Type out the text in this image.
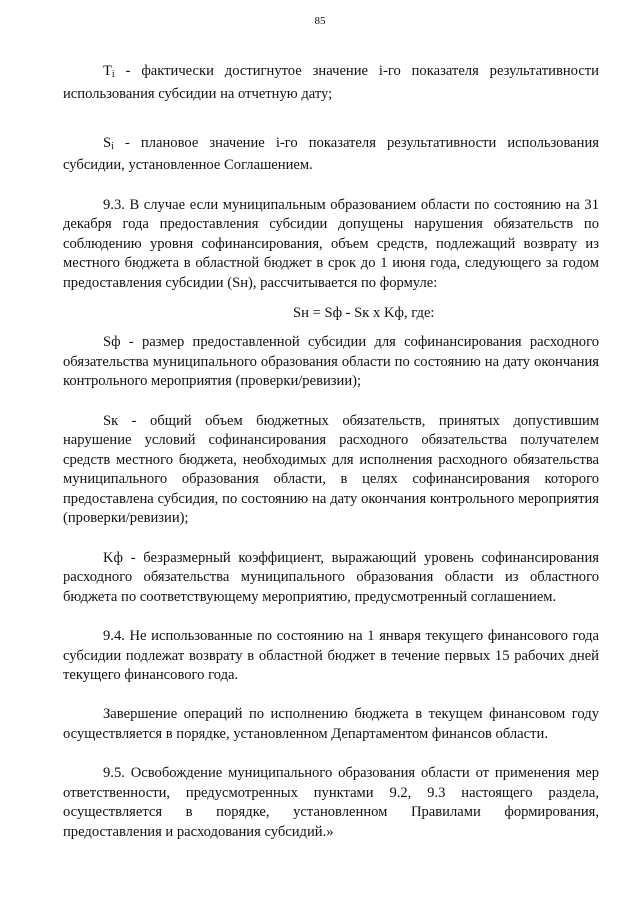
85

$T_i$ - фактически достигнутое значение i-го показателя результативности использования субсидии на отчетную дату;

$S_i$ - плановое значение i-го показателя результативности использования субсидии, установленное Соглашением.

9.3. В случае если муниципальным образованием области по состоянию на 31 декабря года предоставления субсидии допущены нарушения обязательств по соблюдению уровня софинансирования, объем средств, подлежащий возврату из местного бюджета в областной бюджет в срок до 1 июня года, следующего за годом предоставления субсидии (Sн), рассчитывается по формуле:

Sн = Sф - Sк x Kф, где:

Sф - размер предоставленной субсидии для софинансирования расходного обязательства муниципального образования области по состоянию на дату окончания контрольного мероприятия (проверки/ревизии);

Sк - общий объем бюджетных обязательств, принятых допустившим нарушение условий софинансирования расходного обязательства получателем средств местного бюджета, необходимых для исполнения расходного обязательства муниципального образования области, в целях софинансирования которого предоставлена субсидия, по состоянию на дату окончания контрольного мероприятия (проверки/ревизии);

Kф - безразмерный коэффициент, выражающий уровень софинансирования расходного обязательства муниципального образования области из областного бюджета по соответствующему мероприятию, предусмотренный соглашением.

9.4. Не использованные по состоянию на 1 января текущего финансового года субсидии подлежат возврату в областной бюджет в течение первых 15 рабочих дней текущего финансового года.

Завершение операций по исполнению бюджета в текущем финансовом году осуществляется в порядке, установленном Департаментом финансов области.

9.5. Освобождение муниципального образования области от применения мер ответственности, предусмотренных пунктами 9.2, 9.3 настоящего раздела, осуществляется в порядке, установленном Правилами формирования, предоставления и расходования субсидий.»
